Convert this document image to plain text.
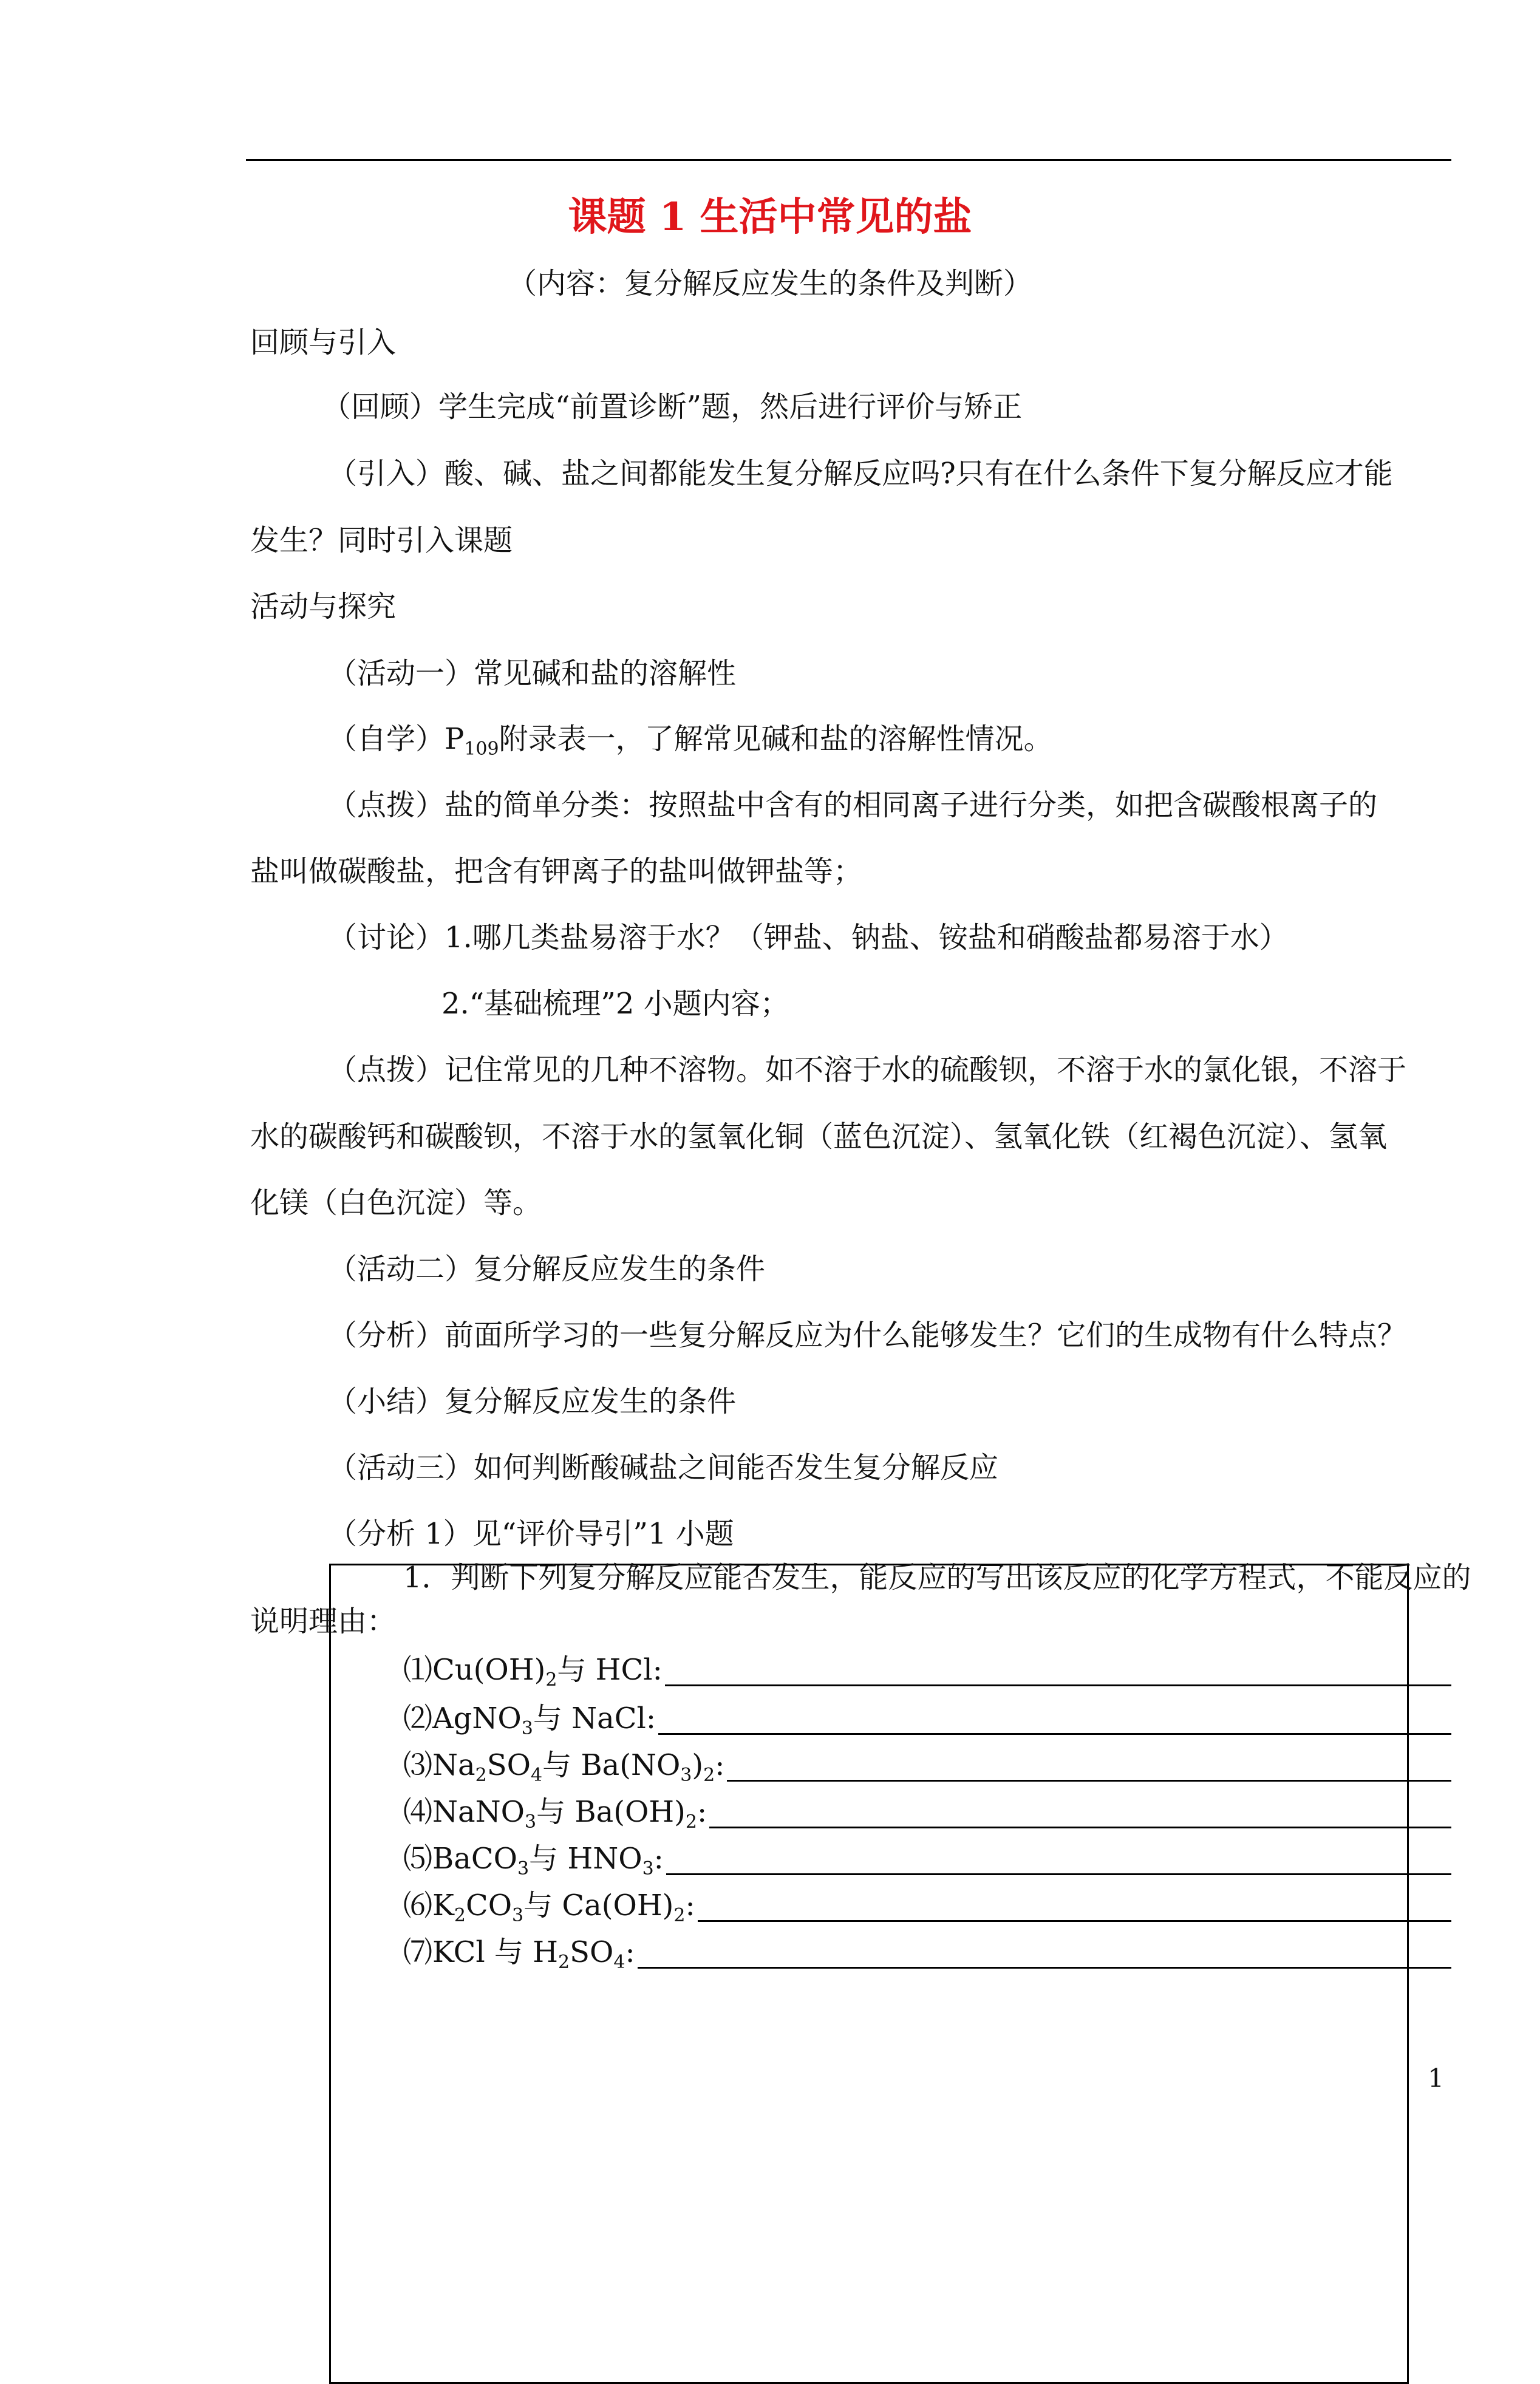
课题 1 生活中常见的盐
（内容：复分解反应发生的条件及判断）
回顾与引入
（回顾）学生完成“前置诊断”题，然后进行评价与矫正
（引入）酸、碱、盐之间都能发生复分解反应吗?只有在什么条件下复分解反应才能
发生？同时引入课题
活动与探究
（活动一）常见碱和盐的溶解性
（自学）$P_{109}$附录表一，了解常见碱和盐的溶解性情况。
（点拨）盐的简单分类：按照盐中含有的相同离子进行分类，如把含碳酸根离子的
盐叫做碳酸盐，把含有钾离子的盐叫做钾盐等；
（讨论）1.哪几类盐易溶于水？（钾盐、钠盐、铵盐和硝酸盐都易溶于水）
2.“基础梳理”2 小题内容；
（点拨）记住常见的几种不溶物。如不溶于水的硫酸钡，不溶于水的氯化银，不溶于
水的碳酸钙和碳酸钡，不溶于水的氢氧化铜（蓝色沉淀）、氢氧化铁（红褐色沉淀）、氢氧
化镁（白色沉淀）等。
（活动二）复分解反应发生的条件
（分析）前面所学习的一些复分解反应为什么能够发生？它们的生成物有什么特点？
（小结）复分解反应发生的条件
（活动三）如何判断酸碱盐之间能否发生复分解反应
（分析 1）见“评价导引”1 小题
1．判断下列复分解反应能否发生，能反应的写出该反应的化学方程式，不能反应的
说明理由：
$⑴Cu(OH)_2$与 HCl:
⑵AgNO$_3$与 NaCl:
$⑶Na_2SO_4$与 $Ba(NO_3)_2$:
⑷NaNO$_3$与 $Ba(OH)_2$:
⑸BaCO$_3$与 $HNO_3$:
$⑹K_2CO_3$与 $Ca(OH)_2$:
⑺KCl 与 $H_2SO_4$:
1
